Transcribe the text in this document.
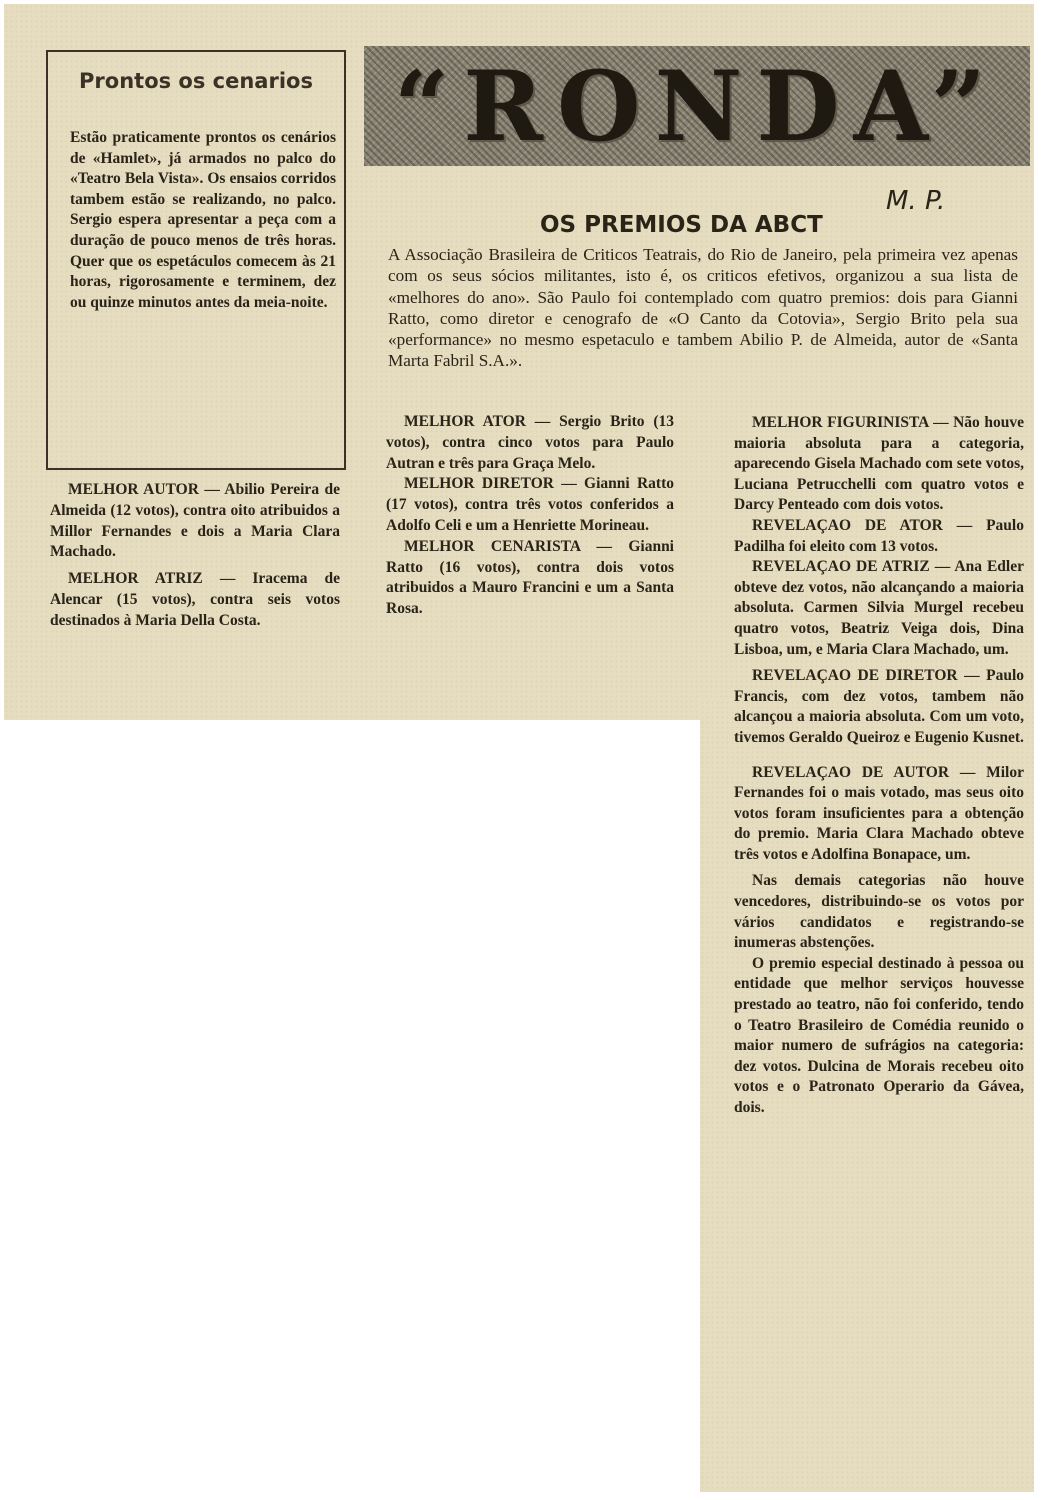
Prontos os cenarios

Estão praticamente prontos os cenários de «Hamlet», já armados no palco do «Teatro Bela Vista». Os ensaios corridos tambem estão se realizando, no palco. Sergio espera apresentar a peça com a duração de pouco menos de três horas. Quer que os espetáculos comecem às 21 horas, rigorosamente e terminem, dez ou quinze minutos antes da meia-noite.

“RONDA”

M. P.

OS PREMIOS DA ABCT

A Associação Brasileira de Criticos Teatrais, do Rio de Janeiro, pela primeira vez apenas com os seus sócios militantes, isto é, os criticos efetivos, organizou a sua lista de «melhores do ano». São Paulo foi contemplado com quatro premios: dois para Gianni Ratto, como diretor e cenografo de «O Canto da Cotovia», Sergio Brito pela sua «performance» no mesmo espetaculo e tambem Abilio P. de Almeida, autor de «Santa Marta Fabril S.A.».

MELHOR AUTOR — Abilio Pereira de Almeida (12 votos), contra oito atribuidos a Millor Fernandes e dois a Maria Clara Machado.

MELHOR ATRIZ — Iracema de Alencar (15 votos), contra seis votos destinados à Maria Della Costa.

MELHOR ATOR — Sergio Brito (13 votos), contra cinco votos para Paulo Autran e três para Graça Melo.

MELHOR DIRETOR — Gianni Ratto (17 votos), contra três votos conferidos a Adolfo Celi e um a Henriette Morineau.

MELHOR CENARISTA — Gianni Ratto (16 votos), contra dois votos atribuidos a Mauro Francini e um a Santa Rosa.

MELHOR FIGURINISTA — Não houve maioria absoluta para a categoria, aparecendo Gisela Machado com sete votos, Luciana Petrucchelli com quatro votos e Darcy Penteado com dois votos.

REVELAÇAO DE ATOR — Paulo Padilha foi eleito com 13 votos.

REVELAÇAO DE ATRIZ — Ana Edler obteve dez votos, não alcançando a maioria absoluta. Carmen Silvia Murgel recebeu quatro votos, Beatriz Veiga dois, Dina Lisboa, um, e Maria Clara Machado, um.

REVELAÇAO DE DIRETOR — Paulo Francis, com dez votos, tambem não alcançou a maioria absoluta. Com um voto, tivemos Geraldo Queiroz e Eugenio Kusnet.

REVELAÇAO DE AUTOR — Milor Fernandes foi o mais votado, mas seus oito votos foram insuficientes para a obtenção do premio. Maria Clara Machado obteve três votos e Adolfina Bonapace, um.

Nas demais categorias não houve vencedores, distribuindo-se os votos por vários candidatos e registrando-se inumeras abstenções.

O premio especial destinado à pessoa ou entidade que melhor serviços houvesse prestado ao teatro, não foi conferido, tendo o Teatro Brasileiro de Comédia reunido o maior numero de sufrágios na categoria: dez votos. Dulcina de Morais recebeu oito votos e o Patronato Operario da Gávea, dois.
